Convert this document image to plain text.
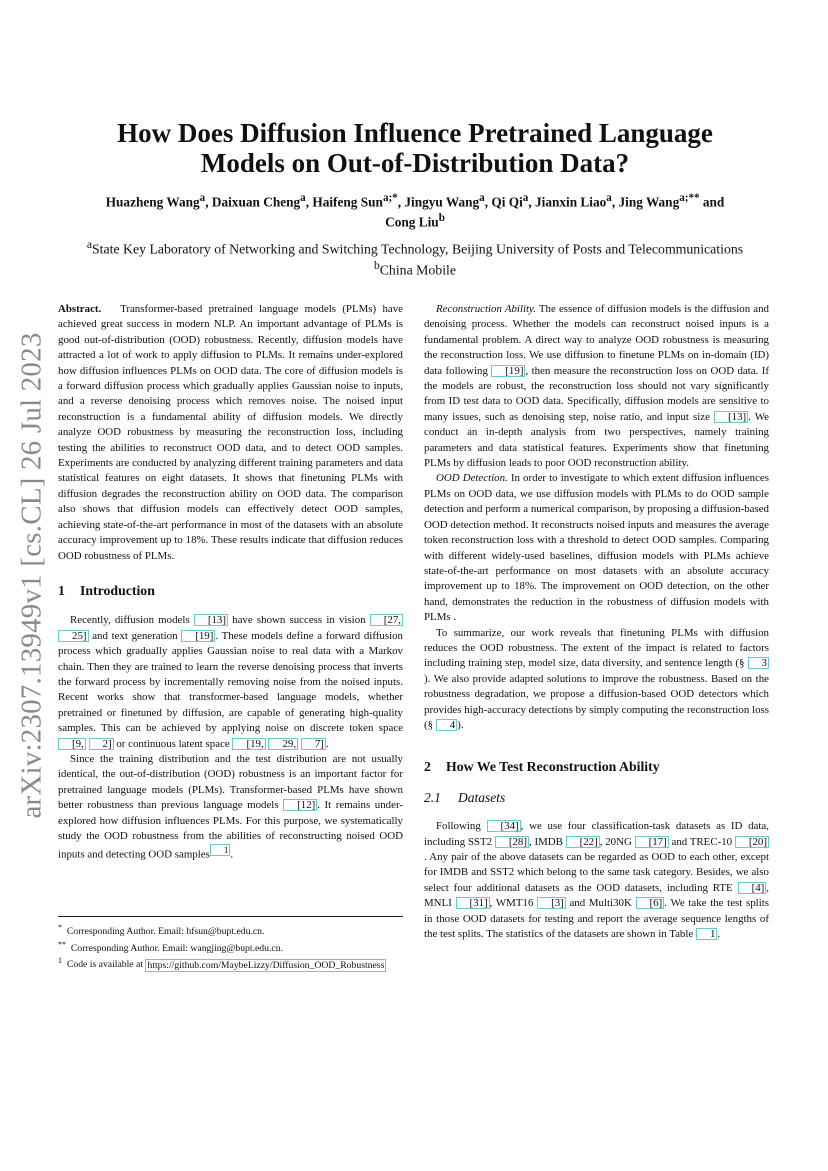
arXiv:2307.13949v1 [cs.CL] 26 Jul 2023
How Does Diffusion Influence Pretrained Language Models on Out-of-Distribution Data?

Huazheng Wang$^a$, Daixuan Cheng$^a$, Haifeng Sun$^{a;*}$, Jingyu Wang$^a$, Qi Qi$^a$, Jianxin Liao$^a$, Jing Wang$^{a;**}$ and
Cong Liu$^b$

$^a$State Key Laboratory of Networking and Switching Technology, Beijing University of Posts and Telecommunications
$^b$China Mobile

Abstract. Transformer-based pretrained language models (PLMs) have achieved great success in modern NLP. An important advantage of PLMs is good out-of-distribution (OOD) robustness. Recently, diffusion models have attracted a lot of work to apply diffusion to PLMs. It remains under-explored how diffusion influences PLMs on OOD data. The core of diffusion models is a forward diffusion process which gradually applies Gaussian noise to inputs, and a reverse denoising process which removes noise. The noised input reconstruction is a fundamental ability of diffusion models. We directly analyze OOD robustness by measuring the reconstruction loss, including testing the abilities to reconstruct OOD data, and to detect OOD samples. Experiments are conducted by analyzing different training parameters and data statistical features on eight datasets. It shows that finetuning PLMs with diffusion degrades the reconstruction ability on OOD data. The comparison also shows that diffusion models can effectively detect OOD samples, achieving state-of-the-art performance in most of the datasets with an absolute accuracy improvement up to 18%. These results indicate that diffusion reduces OOD robustness of PLMs.

1 Introduction

Recently, diffusion models [13] have shown success in vision [27, 25] and text generation [19] . These models define a forward diffusion process which gradually applies Gaussian noise to real data with a Markov chain. Then they are trained to learn the reverse denoising process that inverts the forward process by incrementally removing noise from the noised inputs. Recent works show that transformer-based language models, whether pretrained or finetuned by diffusion, are capable of generating high-quality samples. This can be achieved by applying noise on discrete token space [9, 2] or continuous latent space [19, 29, 7] .

Since the training distribution and the test distribution are not usually identical, the out-of-distribution (OOD) robustness is an important factor for pretrained language models (PLMs). Transformer-based PLMs have shown better robustness than previous language models [12] . It remains under-explored how diffusion influences PLMs. For this purpose, we systematically study the OOD robustness from the abilities of reconstructing noised OOD inputs and detecting OOD samples $^1$ .

* Corresponding Author. Email: hfsun@bupt.edu.cn.

** Corresponding Author. Email: wangjing@bupt.edu.cn.

$^1$ Code is available at https://github.com/MaybeLizzy/Diffusion_OOD_Robustness

Reconstruction Ability. The essence of diffusion models is the diffusion and denoising process. Whether the models can reconstruct noised inputs is a fundamental problem. A direct way to analyze OOD robustness is measuring the reconstruction loss. We use diffusion to finetune PLMs on in-domain (ID) data following [19] , then measure the reconstruction loss on OOD data. If the models are robust, the reconstruction loss should not vary significantly from ID test data to OOD data. Specifically, diffusion models are sensitive to many issues, such as denoising step, noise ratio, and input size [13] . We conduct an in-depth analysis from two perspectives, namely training parameters and data statistical features. Experiments show that finetuning PLMs by diffusion leads to poor OOD reconstruction ability.

OOD Detection. In order to investigate to which extent diffusion influences PLMs on OOD data, we use diffusion models with PLMs to do OOD sample detection and perform a numerical comparison, by proposing a diffusion-based OOD detection method. It reconstructs noised inputs and measures the average token reconstruction loss with a threshold to detect OOD samples. Comparing with different widely-used baselines, diffusion models with PLMs achieve state-of-the-art performance on most datasets with an absolute accuracy improvement up to 18%. The improvement on OOD detection, on the other hand, demonstrates the reduction in the robustness of diffusion models with PLMs .

To summarize, our work reveals that finetuning PLMs with diffusion reduces the OOD robustness. The extent of the impact is related to factors including training step, model size, data diversity, and sentence length (§ 3). We also provide adapted solutions to improve the robustness. Based on the robustness degradation, we propose a diffusion-based OOD detectors which provides high-accuracy detections by simply computing the reconstruction loss (§ 4 ).

2 How We Test Reconstruction Ability
2.1 Datasets

Following [34] , we use four classification-task datasets as ID data, including SST2 [28] , IMDB [22] , 20NG [17] and TREC-10 [20]. Any pair of the above datasets can be regarded as OOD to each other, except for IMDB and SST2 which belong to the same task category. Besides, we also select four additional datasets as the OOD datasets, including RTE [4] , MNLI [31] , WMT16 [3] and Multi30K [6] . We take the test splits in those OOD datasets for testing and report the average sequence lengths of the test splits. The statistics of the datasets are shown in Table 1 .
